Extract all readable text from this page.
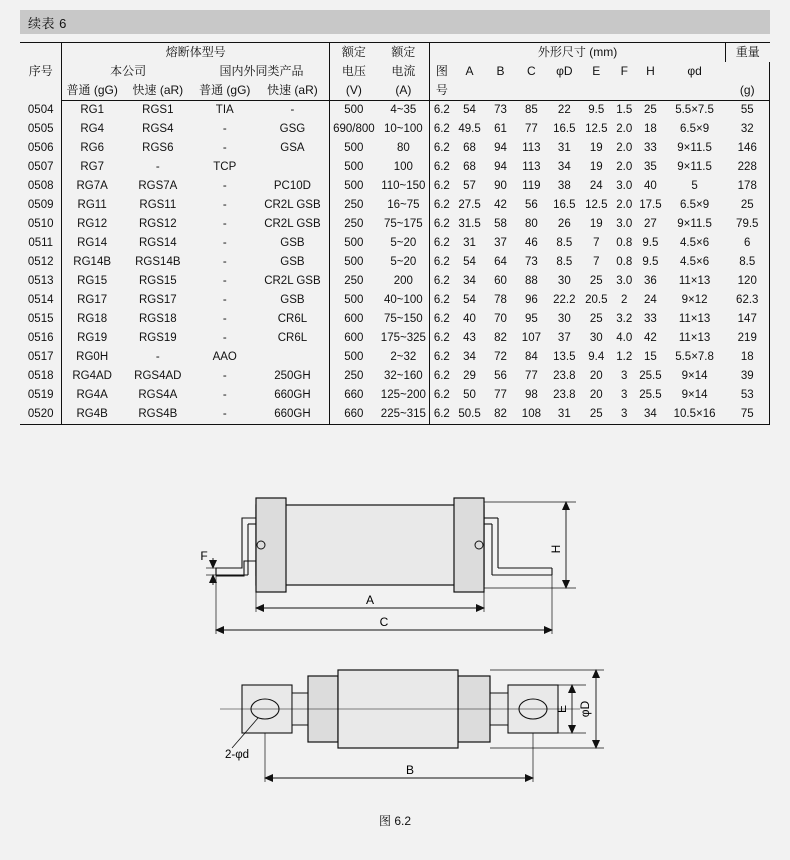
续表 6
序号	熔断体型号				额定	额定	外形尺寸 (mm)									重量
	本公司		国内外同类产品		电压	电流	图	A	B	C	φD	E	F	H	φd	
	普通 (gG)	快速 (aR)	普通 (gG)	快速 (aR)	(V)	(A)	号									(g)
0504	RG1	RGS1	TIA	-	500	4~35	6.2	54	73	85	22	9.5	1.5	25	5.5×7.5	55
0505	RG4	RGS4	-	GSG	690/800	10~100	6.2	49.5	61	77	16.5	12.5	2.0	18	6.5×9	32
0506	RG6	RGS6	-	GSA	500	80	6.2	68	94	113	31	19	2.0	33	9×11.5	146
0507	RG7	-	TCP		500	100	6.2	68	94	113	34	19	2.0	35	9×11.5	228
0508	RG7A	RGS7A	-	PC10D	500	110~150	6.2	57	90	119	38	24	3.0	40	5	178
0509	RG11	RGS11	-	CR2L GSB	250	16~75	6.2	27.5	42	56	16.5	12.5	2.0	17.5	6.5×9	25
0510	RG12	RGS12	-	CR2L GSB	250	75~175	6.2	31.5	58	80	26	19	3.0	27	9×11.5	79.5
0511	RG14	RGS14	-	GSB	500	5~20	6.2	31	37	46	8.5	7	0.8	9.5	4.5×6	6
0512	RG14B	RGS14B	-	GSB	500	5~20	6.2	54	64	73	8.5	7	0.8	9.5	4.5×6	8.5
0513	RG15	RGS15	-	CR2L GSB	250	200	6.2	34	60	88	30	25	3.0	36	11×13	120
0514	RG17	RGS17	-	GSB	500	40~100	6.2	54	78	96	22.2	20.5	2	24	9×12	62.3
0515	RG18	RGS18	-	CR6L	600	75~150	6.2	40	70	95	30	25	3.2	33	11×13	147
0516	RG19	RGS19	-	CR6L	600	175~325	6.2	43	82	107	37	30	4.0	42	11×13	219
0517	RG0H	-	AAO		500	2~32	6.2	34	72	84	13.5	9.4	1.2	15	5.5×7.8	18
0518	RG4AD	RGS4AD	-	250GH	250	32~160	6.2	29	56	77	23.8	20	3	25.5	9×14	39
0519	RG4A	RGS4A	-	660GH	660	125~200	6.2	50	77	98	23.8	20	3	25.5	9×14	53
0520	RG4B	RGS4B	-	660GH	660	225~315	6.2	50.5	82	108	31	25	3	34	10.5×16	75
H
F
A
C
E φD
2-φd
B
图 6.2
